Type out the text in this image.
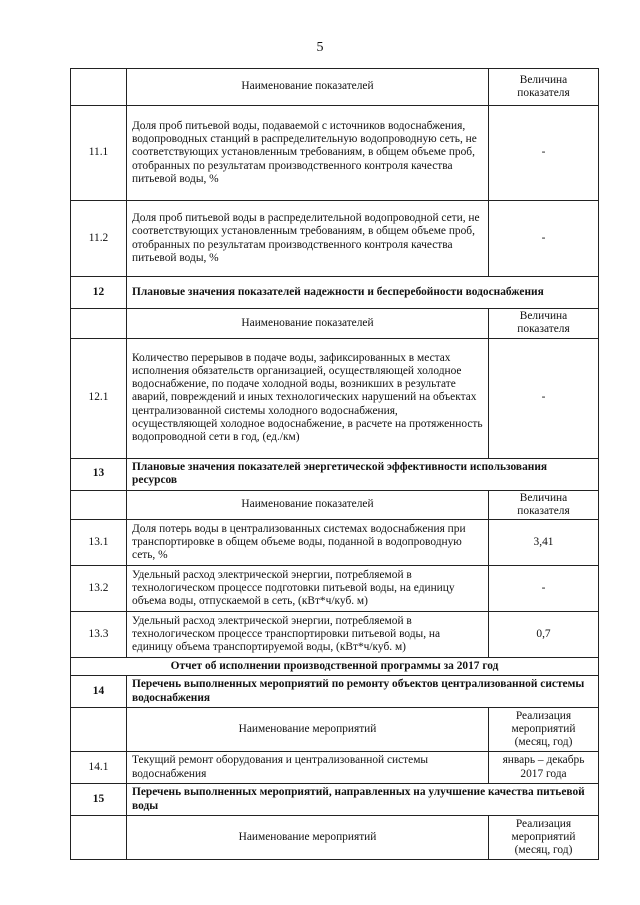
5
	Наименование показателей	Величина показателя
11.1	Доля проб питьевой воды, подаваемой с источников водоснабжения, водопроводных станций в распределительную водопроводную сеть, не соответствующих установленным требованиям, в общем объеме проб, отобранных по результатам производственного контроля качества питьевой воды, %	-
11.2	Доля проб питьевой воды в распределительной водопроводной сети, не соответствующих установленным требованиям, в общем объеме проб, отобранных по результатам производственного контроля качества питьевой воды, %	-
12	Плановые значения показателей надежности и бесперебойности водоснабжения	
	Наименование показателей	Величина показателя
12.1	Количество перерывов в подаче воды, зафиксированных в местах исполнения обязательств организацией, осуществляющей холодное водоснабжение, по подаче холодной воды, возникших в результате аварий, повреждений и иных технологических нарушений на объектах централизованной системы холодного водоснабжения, осуществляющей холодное водоснабжение, в расчете на протяженность водопроводной сети в год, (ед./км)	-
13	Плановые значения показателей энергетической эффективности использования ресурсов	
	Наименование показателей	Величина показателя
13.1	Доля потерь воды в централизованных системах водоснабжения при транспортировке в общем объеме воды, поданной в водопроводную сеть, %	3,41
13.2	Удельный расход электрической энергии, потребляемой в технологическом процессе подготовки питьевой воды, на единицу объема воды, отпускаемой в сеть, (кВт*ч/куб. м)	-
13.3	Удельный расход электрической энергии, потребляемой в технологическом процессе транспортировки питьевой воды, на единицу объема транспортируемой воды, (кВт*ч/куб. м)	0,7
Отчет об исполнении производственной программы за 2017 год		
14	Перечень выполненных мероприятий по ремонту объектов централизованной системы водоснабжения	
	Наименование мероприятий	Реализация мероприятий (месяц, год)
14.1	Текущий ремонт оборудования и централизованной системы водоснабжения	январь – декабрь 2017 года
15	Перечень выполненных мероприятий, направленных на улучшение качества питьевой воды	
	Наименование мероприятий	Реализация мероприятий (месяц, год)
